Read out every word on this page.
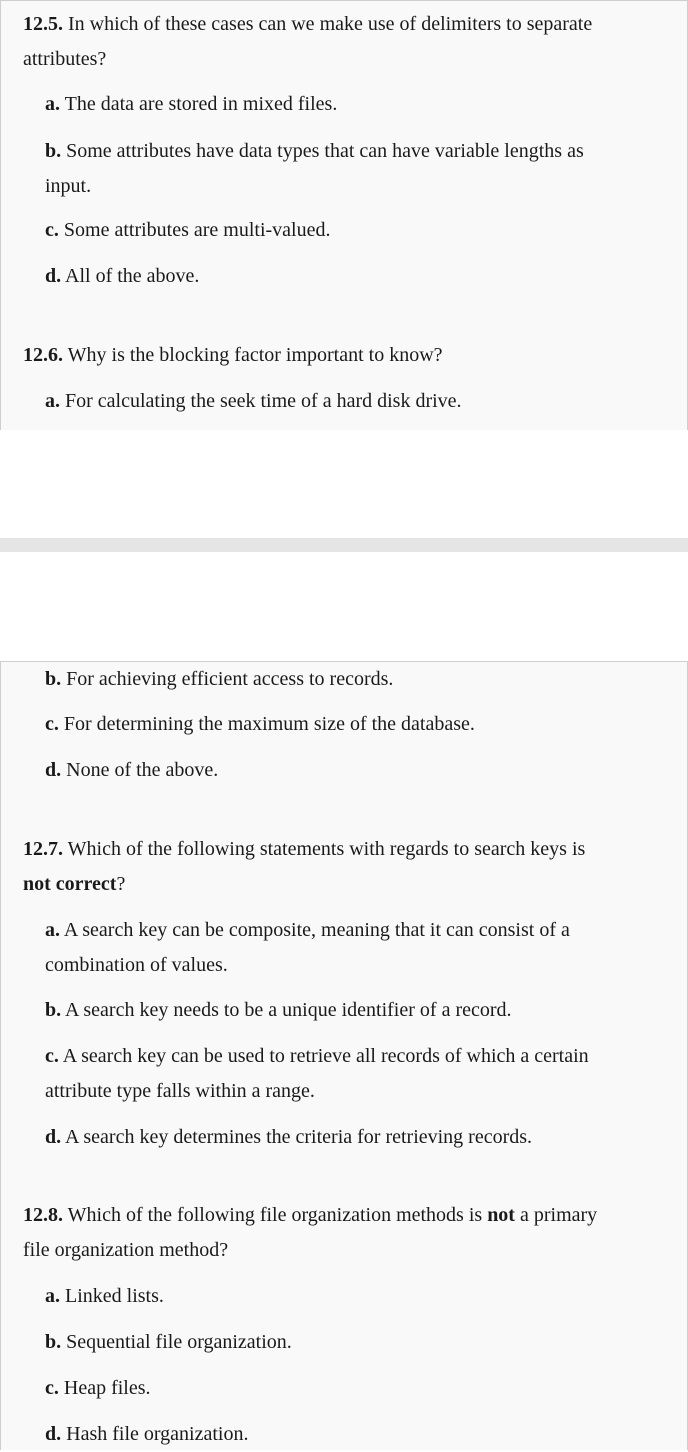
12.5. In which of these cases can we make use of delimiters to separate
attributes?
a. The data are stored in mixed files.
b. Some attributes have data types that can have variable lengths as
input.
c. Some attributes are multi-valued.
d. All of the above.
12.6. Why is the blocking factor important to know?
a. For calculating the seek time of a hard disk drive.
b. For achieving efficient access to records.
c. For determining the maximum size of the database.
d. None of the above.
12.7. Which of the following statements with regards to search keys is
not correct?
a. A search key can be composite, meaning that it can consist of a
combination of values.
b. A search key needs to be a unique identifier of a record.
c. A search key can be used to retrieve all records of which a certain
attribute type falls within a range.
d. A search key determines the criteria for retrieving records.
12.8. Which of the following file organization methods is not a primary
file organization method?
a. Linked lists.
b. Sequential file organization.
c. Heap files.
d. Hash file organization.
